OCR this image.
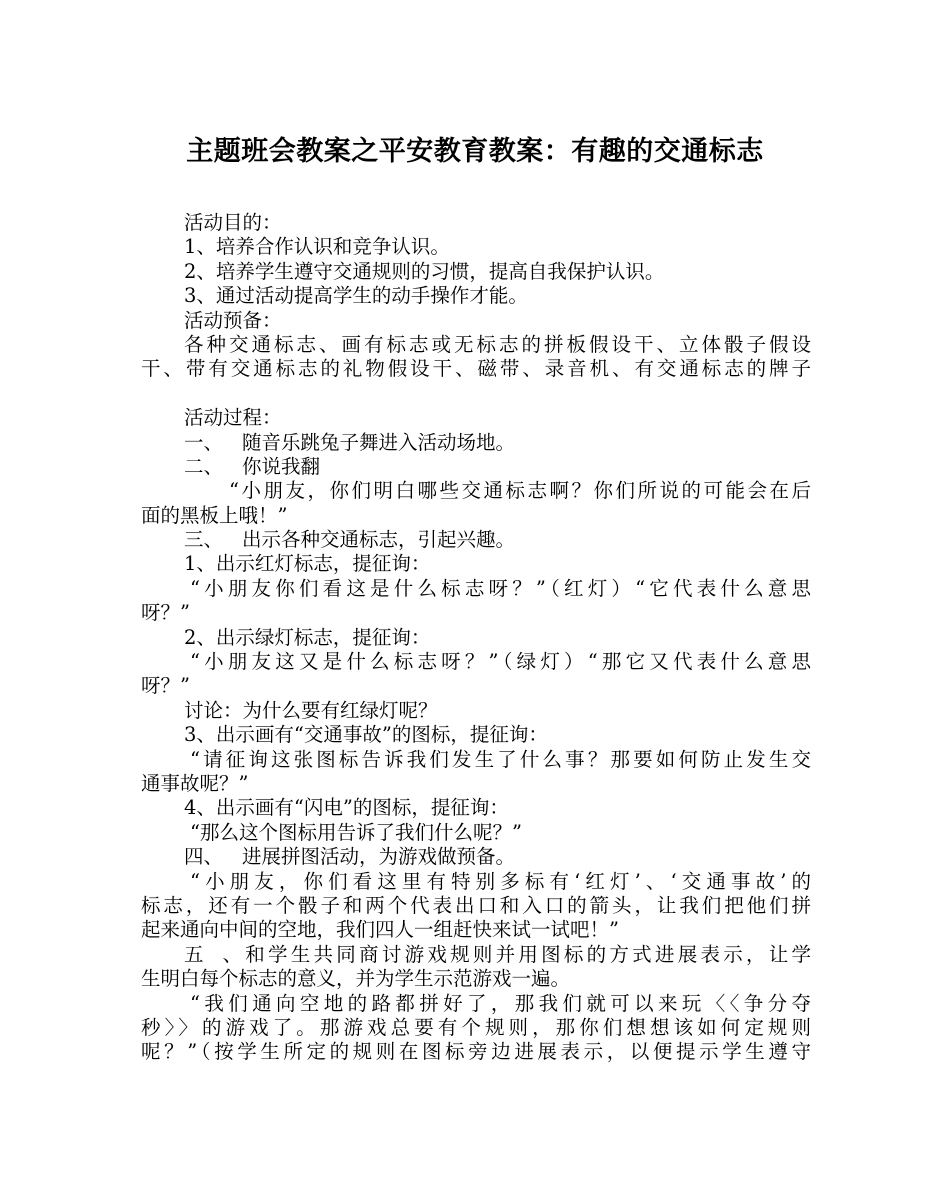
主题班会教案之平安教育教案：有趣的交通标志
活动目的：
1、培养合作认识和竞争认识。
2、培养学生遵守交通规则的习惯，提高自我保护认识。
3、通过活动提高学生的动手操作才能。
活动预备：
各种交通标志、画有标志或无标志的拼板假设干、立体骰子假设
干、带有交通标志的礼物假设干、磁带、录音机、有交通标志的牌子
活动过程：
一、 随音乐跳兔子舞进入活动场地。
二、 你说我翻
“小朋友，你们明白哪些交通标志啊？你们所说的可能会在后
面的黑板上哦！”
三、 出示各种交通标志，引起兴趣。
1、出示红灯标志，提征询：
“小朋友你们看这是什么标志呀？”（红灯）“它代表什么意思
呀？”
2、出示绿灯标志，提征询：
“小朋友这又是什么标志呀？”（绿灯）“那它又代表什么意思
呀？”
讨论：为什么要有红绿灯呢？
3、出示画有“交通事故”的图标，提征询：
“请征询这张图标告诉我们发生了什么事？那要如何防止发生交
通事故呢？”
4、出示画有“闪电”的图标，提征询：
“那么这个图标用告诉了我们什么呢？”
四、 进展拼图活动，为游戏做预备。
“小朋友，你们看这里有特别多标有‘红灯’、‘交通事故’的
标志，还有一个骰子和两个代表出口和入口的箭头，让我们把他们拼
起来通向中间的空地，我们四人一组赶快来试一试吧！”
五、和学生共同商讨游戏规则并用图标的方式进展表示，让学
生明白每个标志的意义，并为学生示范游戏一遍。
“我们通向空地的路都拼好了，那我们就可以来玩〈〈争分夺
秒〉〉的游戏了。那游戏总要有个规则，那你们想想该如何定规则
呢？”（按学生所定的规则在图标旁边进展表示，以便提示学生遵守
